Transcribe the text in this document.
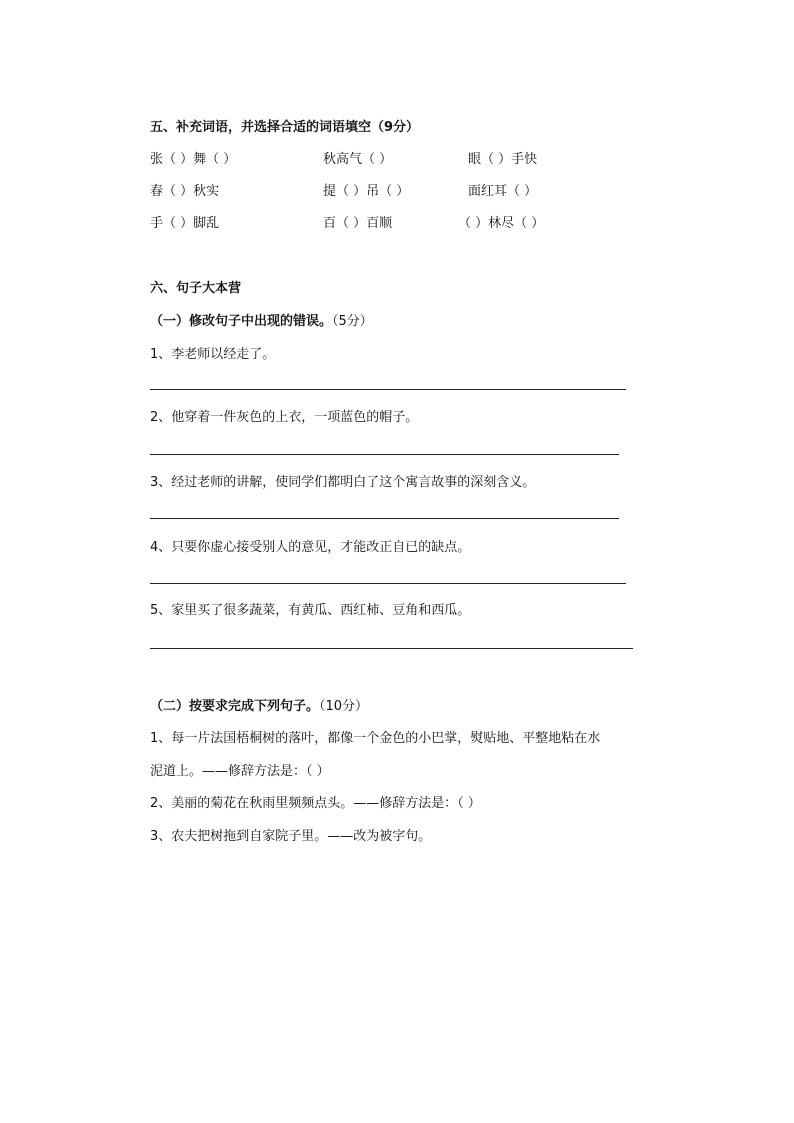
五、补充词语，并选择合适的词语填空（9分）
张（ ）舞（ ）	秋高气（ ）	眼（ ）手快
春（ ）秋实	提（ ）吊（ ）	面红耳（ ）
手（ ）脚乱	百（ ）百顺	（ ）林尽（ ）
六、句子大本营
（一）修改句子中出现的错误。（5分）
1、李老师以经走了。
2、他穿着一件灰色的上衣，一项蓝色的帽子。
3、经过老师的讲解，使同学们都明白了这个寓言故事的深刻含义。
4、只要你虚心接受别人的意见，才能改正自已的缺点。
5、家里买了很多蔬菜，有黄瓜、西红柿、豆角和西瓜。
（二）按要求完成下列句子。（10分）
1、每一片法国梧桐树的落叶，都像一个金色的小巴掌，熨贴地、平整地粘在水
泥道上。——修辞方法是：（ ）
2、美丽的菊花在秋雨里频频点头。——修辞方法是：（ ）
3、农夫把树拖到自家院子里。——改为被字句。
